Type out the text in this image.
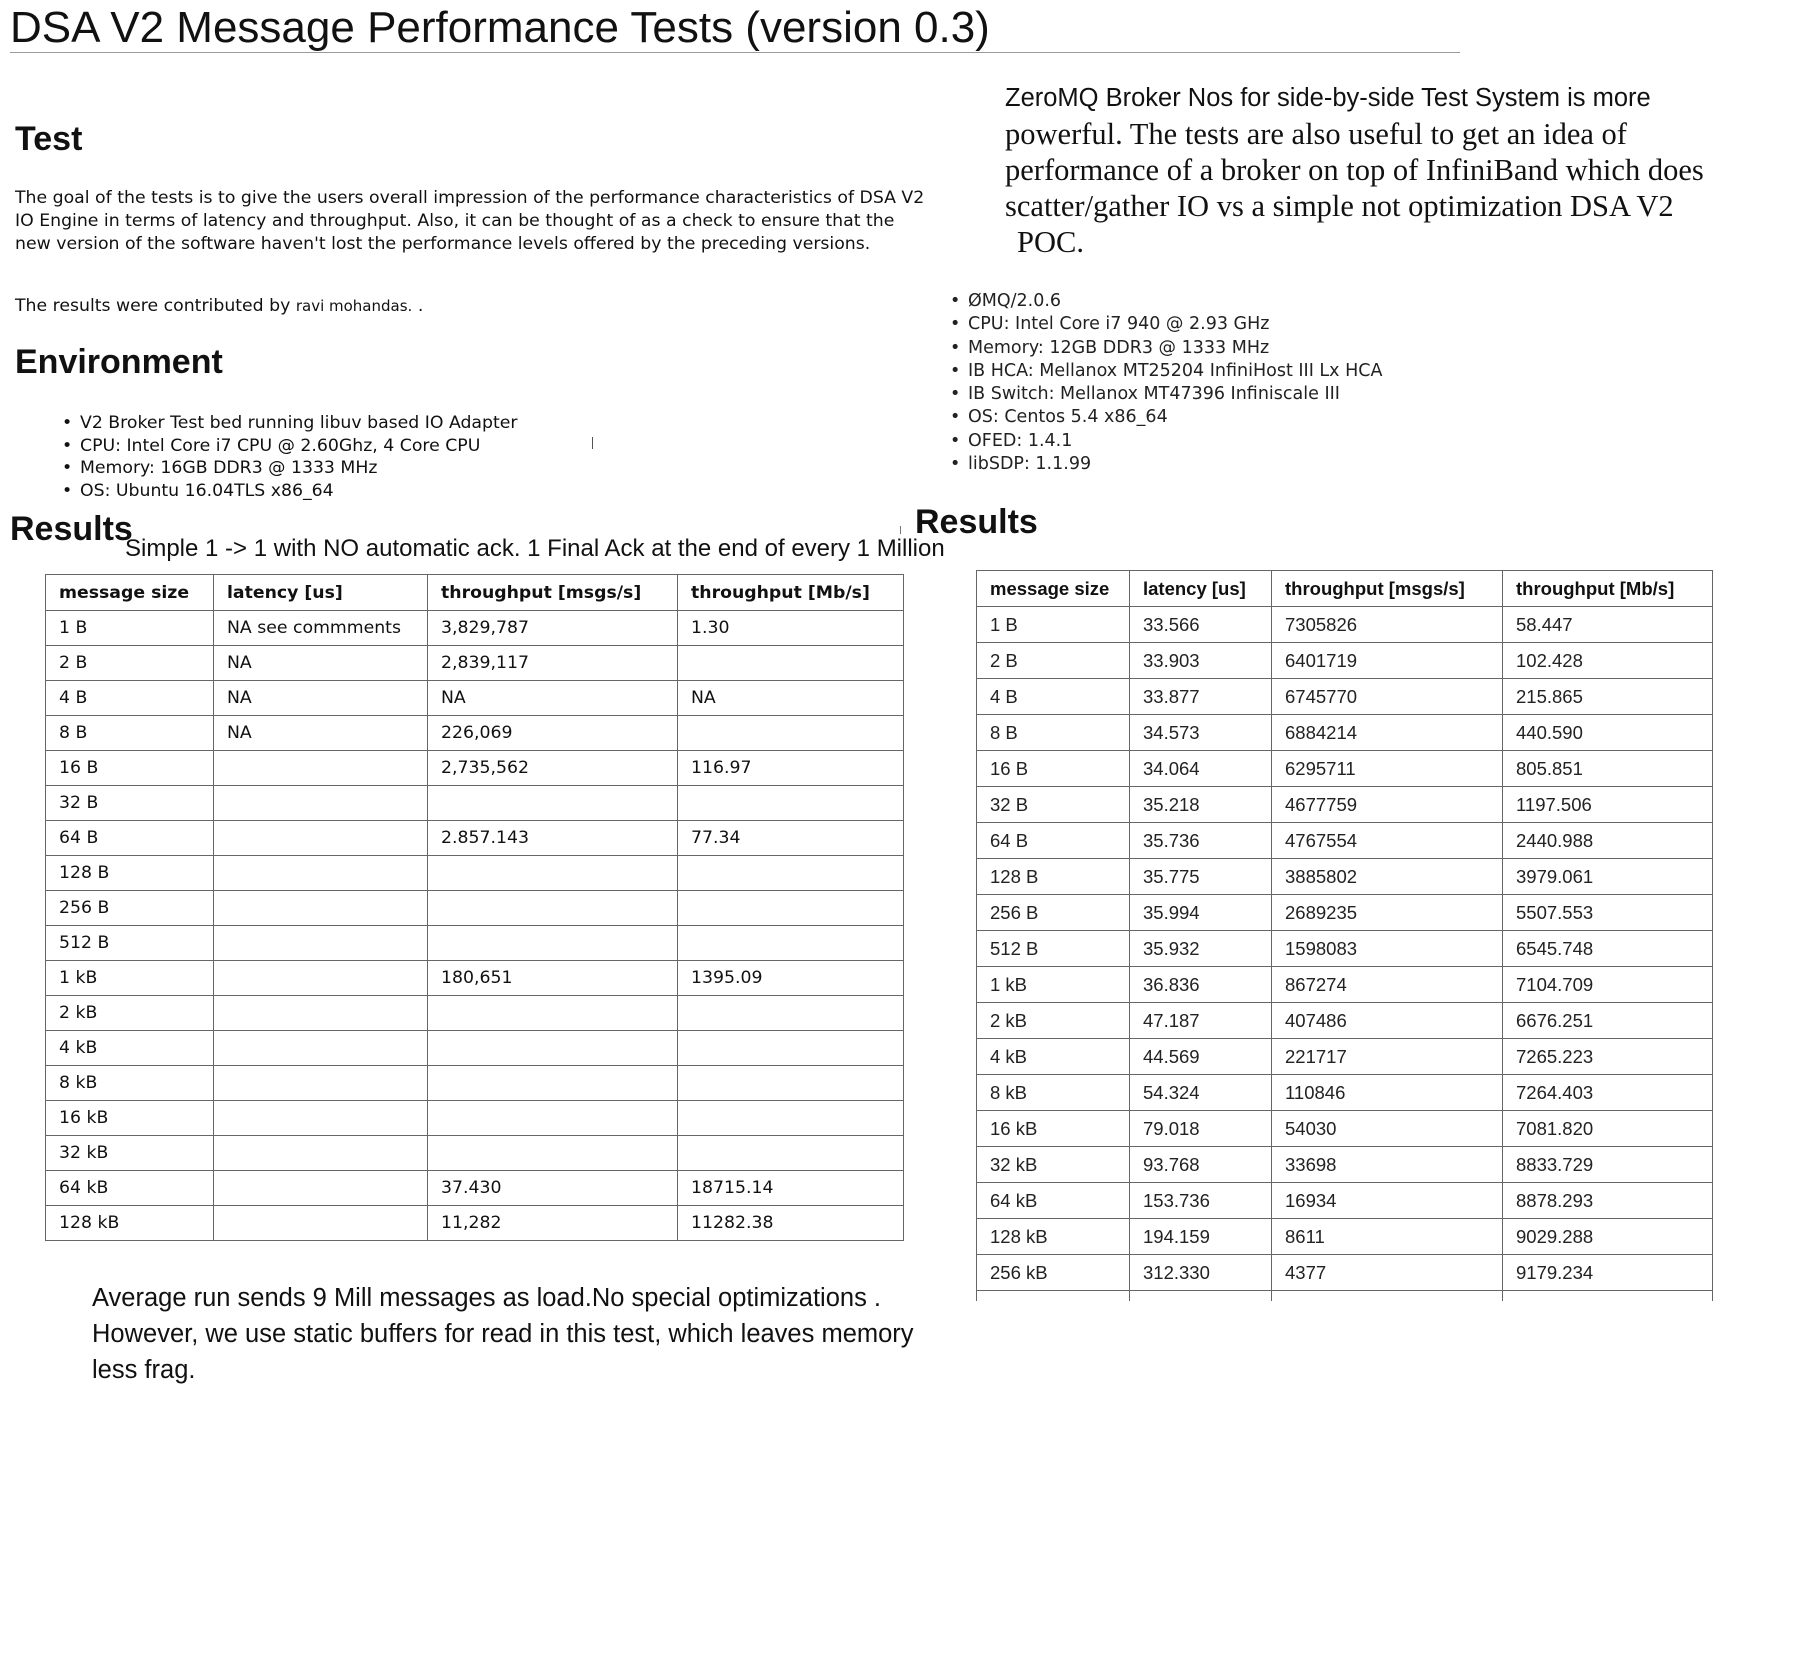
DSA V2 Message Performance Tests (version 0.3)
Test
The goal of the tests is to give the users overall impression of the performance characteristics of DSA V2 IO Engine in terms of latency and throughput. Also, it can be thought of as a check to ensure that the new version of the software haven't lost the performance levels offered by the preceding versions.
The results were contributed by ravi mohandas. .
Environment
• V2 Broker Test bed running libuv based IO Adapter
• CPU: Intel Core i7 CPU @ 2.60Ghz, 4 Core CPU
• Memory: 16GB DDR3 @ 1333 MHz
• OS: Ubuntu 16.04TLS x86_64
ZeroMQ Broker Nos for side-by-side Test System is more
powerful. The tests are also useful to get an idea of performance of a broker on top of InfiniBand which does scatter/gather IO vs a simple not optimization DSA V2
POC.
• ØMQ/2.0.6
• CPU: Intel Core i7 940 @ 2.93 GHz
• Memory: 12GB DDR3 @ 1333 MHz
• IB HCA: Mellanox MT25204 InfiniHost III Lx HCA
• IB Switch: Mellanox MT47396 Infiniscale III
• OS: Centos 5.4 x86_64
• OFED: 1.4.1
• libSDP: 1.1.99
Results
Simple 1 -> 1 with NO automatic ack. 1 Final Ack at the end of every 1 Million
Results
message size	latency [us]	throughput [msgs/s]	throughput [Mb/s]
1 B	NA see commments	3,829,787	1.30
2 B	NA	2,839,117	
4 B	NA	NA	NA
8 B	NA	226,069	
16 B		2,735,562	116.97
32 B			
64 B		2.857.143	77.34
128 B			
256 B			
512 B			
1 kB		180,651	1395.09
2 kB			
4 kB			
8 kB			
16 kB			
32 kB			
64 kB		37.430	18715.14
128 kB		11,282	11282.38
message size	latency [us]	throughput [msgs/s]	throughput [Mb/s]
1 B	33.566	7305826	58.447
2 B	33.903	6401719	102.428
4 B	33.877	6745770	215.865
8 B	34.573	6884214	440.590
16 B	34.064	6295711	805.851
32 B	35.218	4677759	1197.506
64 B	35.736	4767554	2440.988
128 B	35.775	3885802	3979.061
256 B	35.994	2689235	5507.553
512 B	35.932	1598083	6545.748
1 kB	36.836	867274	7104.709
2 kB	47.187	407486	6676.251
4 kB	44.569	221717	7265.223
8 kB	54.324	110846	7264.403
16 kB	79.018	54030	7081.820
32 kB	93.768	33698	8833.729
64 kB	153.736	16934	8878.293
128 kB	194.159	8611	9029.288
256 kB	312.330	4377	9179.234

Average run sends 9 Mill messages as load.No special optimizations . However, we use static buffers for read in this test, which leaves memory less frag.
